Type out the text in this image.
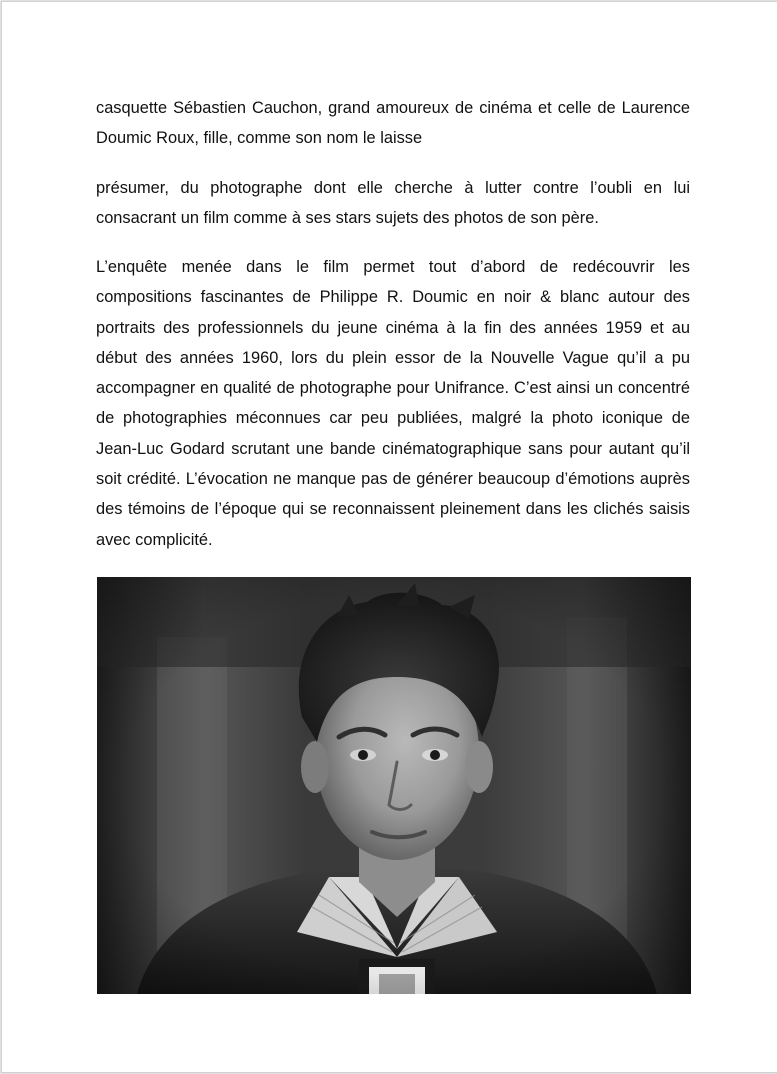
casquette Sébastien Cauchon, grand amoureux de cinéma et celle de Laurence Doumic Roux, fille, comme son nom le laisse

présumer, du photographe dont elle cherche à lutter contre l’oubli en lui consacrant un film comme à ses stars sujets des photos de son père.

L’enquête menée dans le film permet tout d’abord de redécouvrir les compositions fascinantes de Philippe R. Doumic en noir & blanc autour des portraits des professionnels du jeune cinéma à la fin des années 1959 et au début des années 1960, lors du plein essor de la Nouvelle Vague qu’il a pu accompagner en qualité de photographe pour Unifrance. C’est ainsi un concentré de photographies méconnues car peu publiées, malgré la photo iconique de Jean-Luc Godard scrutant une bande cinématographique sans pour autant qu’il soit crédité. L’évocation ne manque pas de générer beaucoup d’émotions auprès des témoins de l’époque qui se reconnaissent pleinement dans les clichés saisis avec complicité.
